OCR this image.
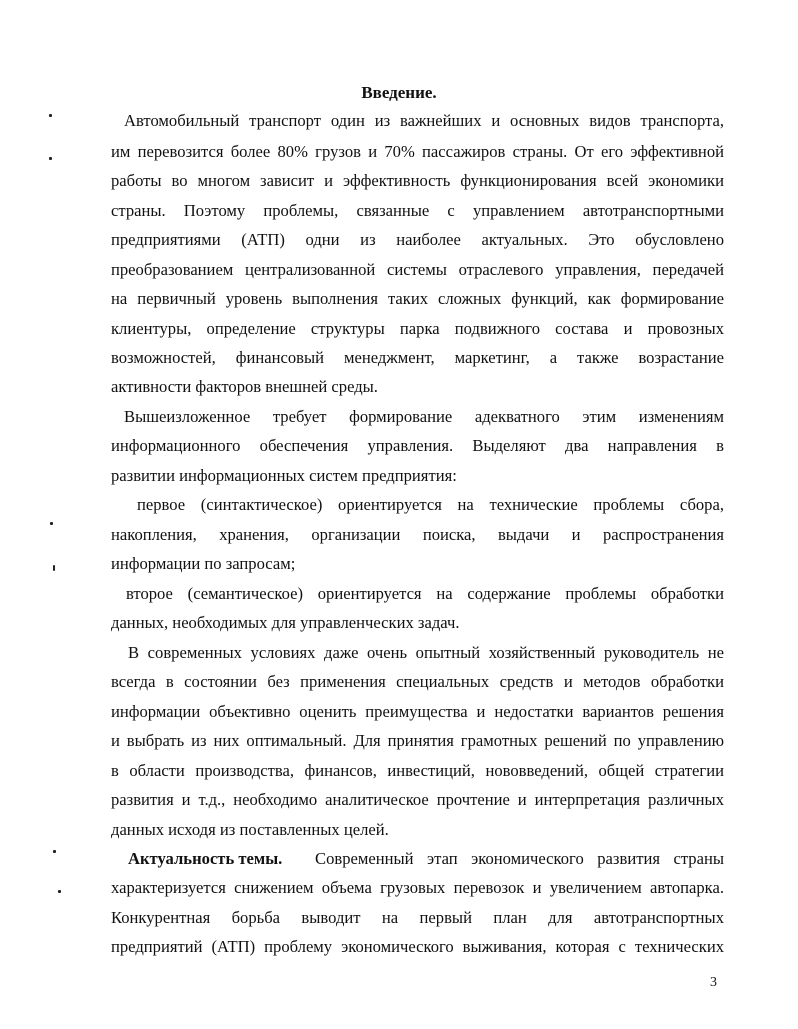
Введение.
Автомобильный транспорт один из важнейших и основных видов транспорта,
им перевозится более 80% грузов и 70% пассажиров страны. От его эффективной
работы во многом зависит и эффективность функционирования всей экономики
страны. Поэтому проблемы, связанные с управлением автотранспортными
предприятиями (АТП) одни из наиболее актуальных. Это обусловлено
преобразованием централизованной системы отраслевого управления, передачей
на первичный уровень выполнения таких сложных функций, как формирование
клиентуры, определение структуры парка подвижного состава и провозных
возможностей, финансовый менеджмент, маркетинг, а также возрастание
активности факторов внешней среды.
Вышеизложенное требует формирование адекватного этим изменениям
информационного обеспечения управления. Выделяют два направления в
развитии информационных систем предприятия:
первое (синтактическое) ориентируется на технические проблемы сбора,
накопления, хранения, организации поиска, выдачи и распространения
информации по запросам;
второе (семантическое) ориентируется на содержание проблемы обработки
данных, необходимых для управленческих задач.
В современных условиях даже очень опытный хозяйственный руководитель не
всегда в состоянии без применения специальных средств и методов обработки
информации объективно оценить преимущества и недостатки вариантов решения
и выбрать из них оптимальный. Для принятия грамотных решений по управлению
в области производства, финансов, инвестиций, нововведений, общей стратегии
развития и т.д., необходимо аналитическое прочтение и интерпретация различных
данных исходя из поставленных целей.
Актуальность темы. Современный этап экономического развития страны
характеризуется снижением объема грузовых перевозок и увеличением автопарка.
Конкурентная борьба выводит на первый план для автотранспортных
предприятий (АТП) проблему экономического выживания, которая с технических
3
